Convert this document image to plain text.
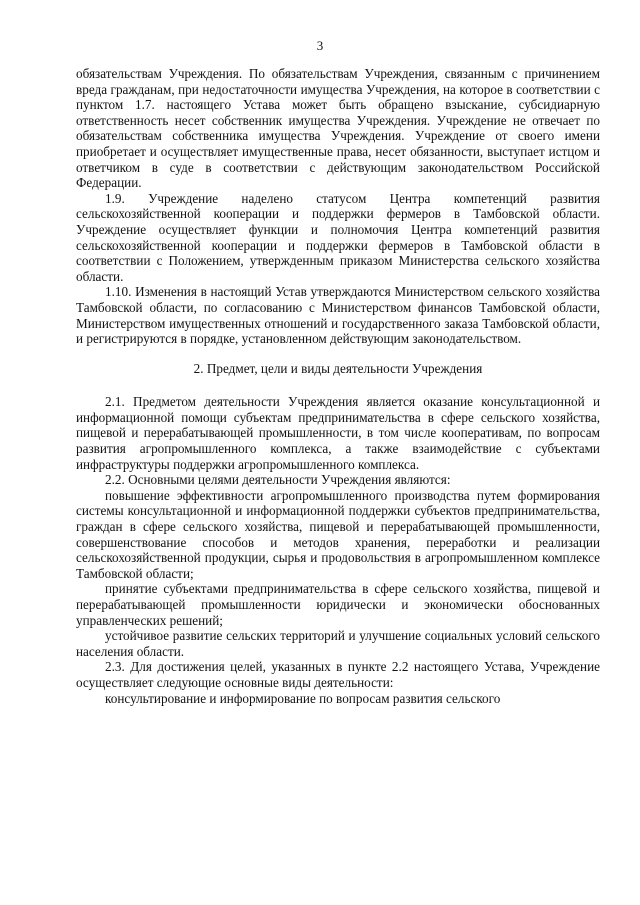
3

обязательствам Учреждения. По обязательствам Учреждения, связанным с причинением вреда гражданам, при недостаточности имущества Учреждения, на которое в соответствии с пунктом 1.7. настоящего Устава может быть обращено взыскание, субсидиарную ответственность несет собственник имущества Учреждения. Учреждение не отвечает по обязательствам собственника имущества Учреждения. Учреждение от своего имени приобретает и осуществляет имущественные права, несет обязанности, выступает истцом и ответчиком в суде в соответствии с действующим законодательством Российской Федерации.

1.9. Учреждение наделено статусом Центра компетенций развития сельскохозяйственной кооперации и поддержки фермеров в Тамбовской области. Учреждение осуществляет функции и полномочия Центра компетенций развития сельскохозяйственной кооперации и поддержки фермеров в Тамбовской области в соответствии с Положением, утвержденным приказом Министерства сельского хозяйства области.

1.10. Изменения в настоящий Устав утверждаются Министерством сельского хозяйства Тамбовской области, по согласованию с Министерством финансов Тамбовской области, Министерством имущественных отношений и государственного заказа Тамбовской области, и регистрируются в порядке, установленном действующим законодательством.

2. Предмет, цели и виды деятельности Учреждения

2.1. Предметом деятельности Учреждения является оказание консультационной и информационной помощи субъектам предпринимательства в сфере сельского хозяйства, пищевой и перерабатывающей промышленности, в том числе кооперативам, по вопросам развития агропромышленного комплекса, а также взаимодействие с субъектами инфраструктуры поддержки агропромышленного комплекса.

2.2. Основными целями деятельности Учреждения являются:

повышение эффективности агропромышленного производства путем формирования системы консультационной и информационной поддержки субъектов предпринимательства, граждан в сфере сельского хозяйства, пищевой и перерабатывающей промышленности, совершенствование способов и методов хранения, переработки и реализации сельскохозяйственной продукции, сырья и продовольствия в агропромышленном комплексе Тамбовской области;

принятие субъектами предпринимательства в сфере сельского хозяйства, пищевой и перерабатывающей промышленности юридически и экономически обоснованных управленческих решений;

устойчивое развитие сельских территорий и улучшение социальных условий сельского населения области.

2.3. Для достижения целей, указанных в пункте 2.2 настоящего Устава, Учреждение осуществляет следующие основные виды деятельности:

консультирование и информирование по вопросам развития сельского
